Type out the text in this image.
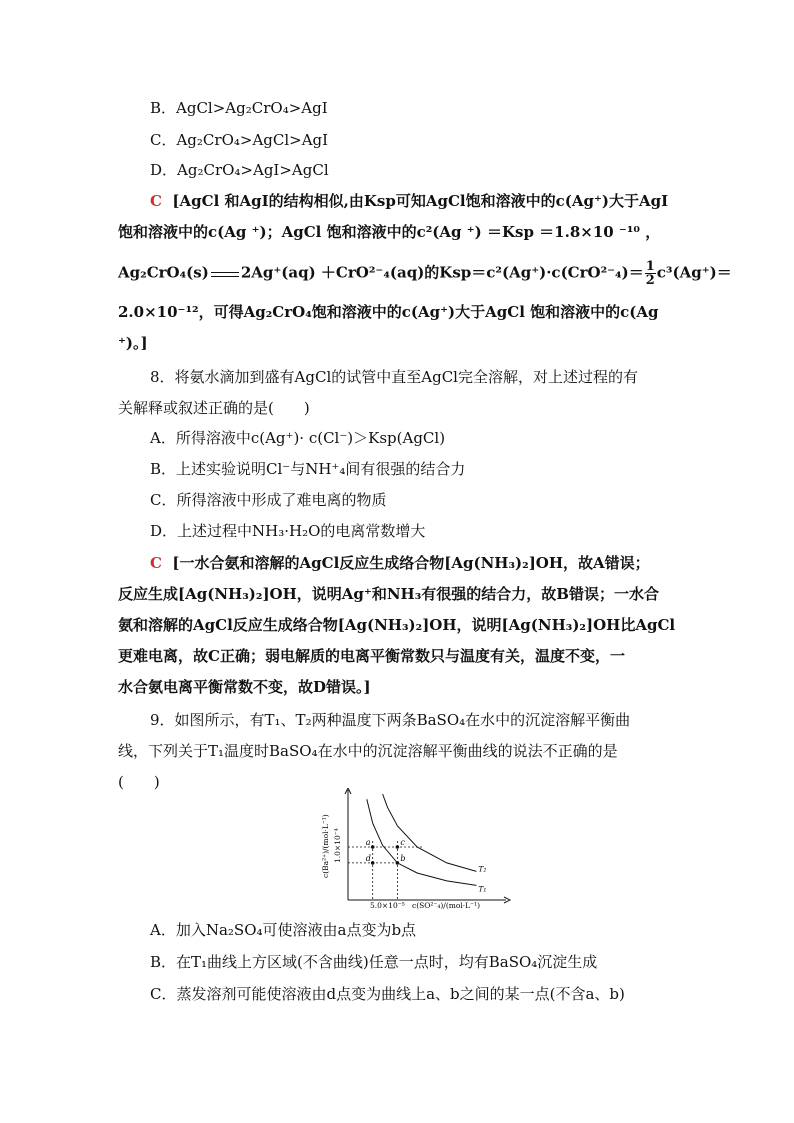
B．AgCl>Ag₂CrO₄>AgI
C．Ag₂CrO₄>AgCl>AgI
D．Ag₂CrO₄>AgI>AgCl
C [AgCl 和AgI的结构相似,由Ksp可知AgCl饱和溶液中的c(Ag⁺)大于AgI
饱和溶液中的c(Ag ⁺)；AgCl 饱和溶液中的c²(Ag ⁺) ＝Ksp ＝1.8×10 ⁻¹⁰ ，
Ag₂CrO₄(s) 2Ag⁺(aq) ＋CrO²⁻₄(aq)的$Ksp=c^2(Ag^+)\cdot c(CrO^{2-}_4)= \frac{1}{2} c^3(Ag^+)=$
2.0×10⁻¹²，可得Ag₂CrO₄饱和溶液中的c(Ag⁺)大于AgCl 饱和溶液中的c(Ag
⁺)。]
8．将氨水滴加到盛有AgCl的试管中直至AgCl完全溶解，对上述过程的有
关解释或叙述正确的是(　　)
A．所得溶液中c(Ag⁺)· c(Cl⁻)＞Ksp(AgCl)
B．上述实验说明Cl⁻与NH⁺₄间有很强的结合力
C．所得溶液中形成了难电离的物质
D．上述过程中NH₃·H₂O的电离常数增大
C [一水合氨和溶解的AgCl反应生成络合物[Ag(NH₃)₂]OH，故A错误；
反应生成[Ag(NH₃)₂]OH，说明Ag⁺和NH₃有很强的结合力，故B错误；一水合
氨和溶解的AgCl反应生成络合物[Ag(NH₃)₂]OH，说明[Ag(NH₃)₂]OH比AgCl
更难电离，故C正确；弱电解质的电离平衡常数只与温度有关，温度不变，一
水合氨电离平衡常数不变，故D错误。]
9．如图所示，有T₁、T₂两种温度下两条BaSO₄在水中的沉淀溶解平衡曲
线，下列关于T₁温度时BaSO₄在水中的沉淀溶解平衡曲线的说法不正确的是
(　　)
c(Ba²⁺)/(mol·L⁻¹) 1.0×10⁻⁴
5.0×10⁻⁵ c(SO²⁻₄)/(mol·L⁻¹)
T₁
T₂
a	c
d	b
A．加入Na₂SO₄可使溶液由a点变为b点
B．在T₁曲线上方区域(不含曲线)任意一点时，均有BaSO₄沉淀生成
C．蒸发溶剂可能使溶液由d点变为曲线上a、b之间的某一点(不含a、b)
